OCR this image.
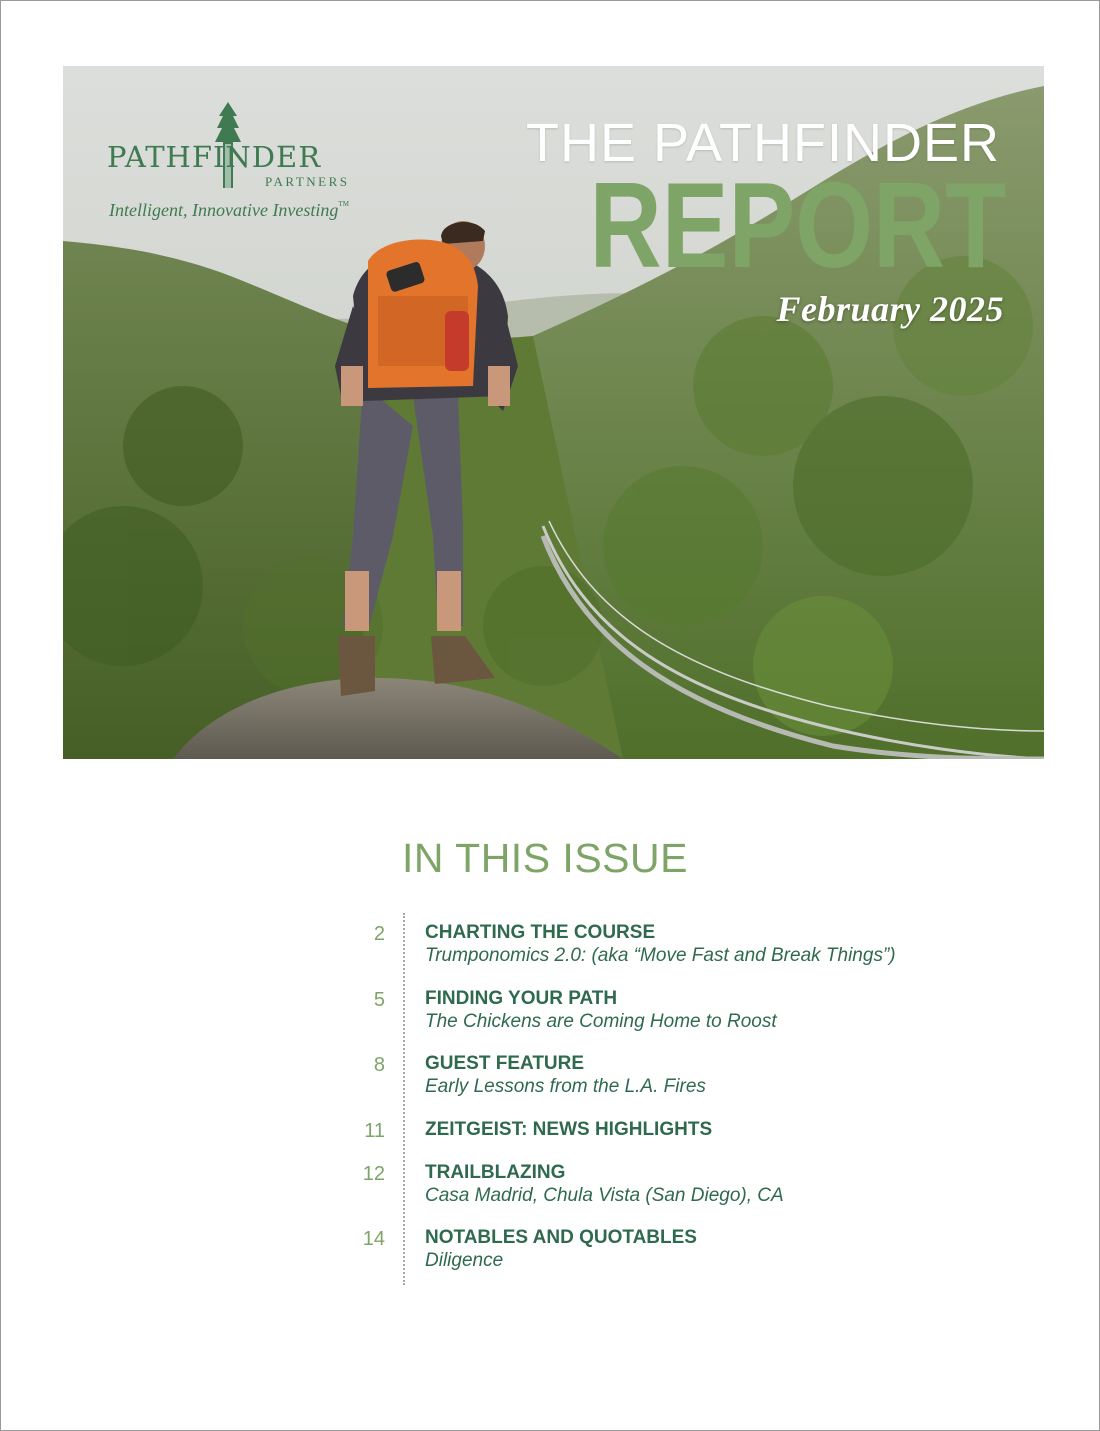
PATHFINDER
PARTNERS
Intelligent, Innovative Investing™
THE PATHFINDER
REPORT
February 2025
IN THIS ISSUE
2 CHARTING THE COURSE
Trumponomics 2.0: (aka “Move Fast and Break Things”)
5 FINDING YOUR PATH
The Chickens are Coming Home to Roost
8 GUEST FEATURE
Early Lessons from the L.A. Fires
11 ZEITGEIST: NEWS HIGHLIGHTS
12 TRAILBLAZING
Casa Madrid, Chula Vista (San Diego), CA
14 NOTABLES AND QUOTABLES
Diligence
